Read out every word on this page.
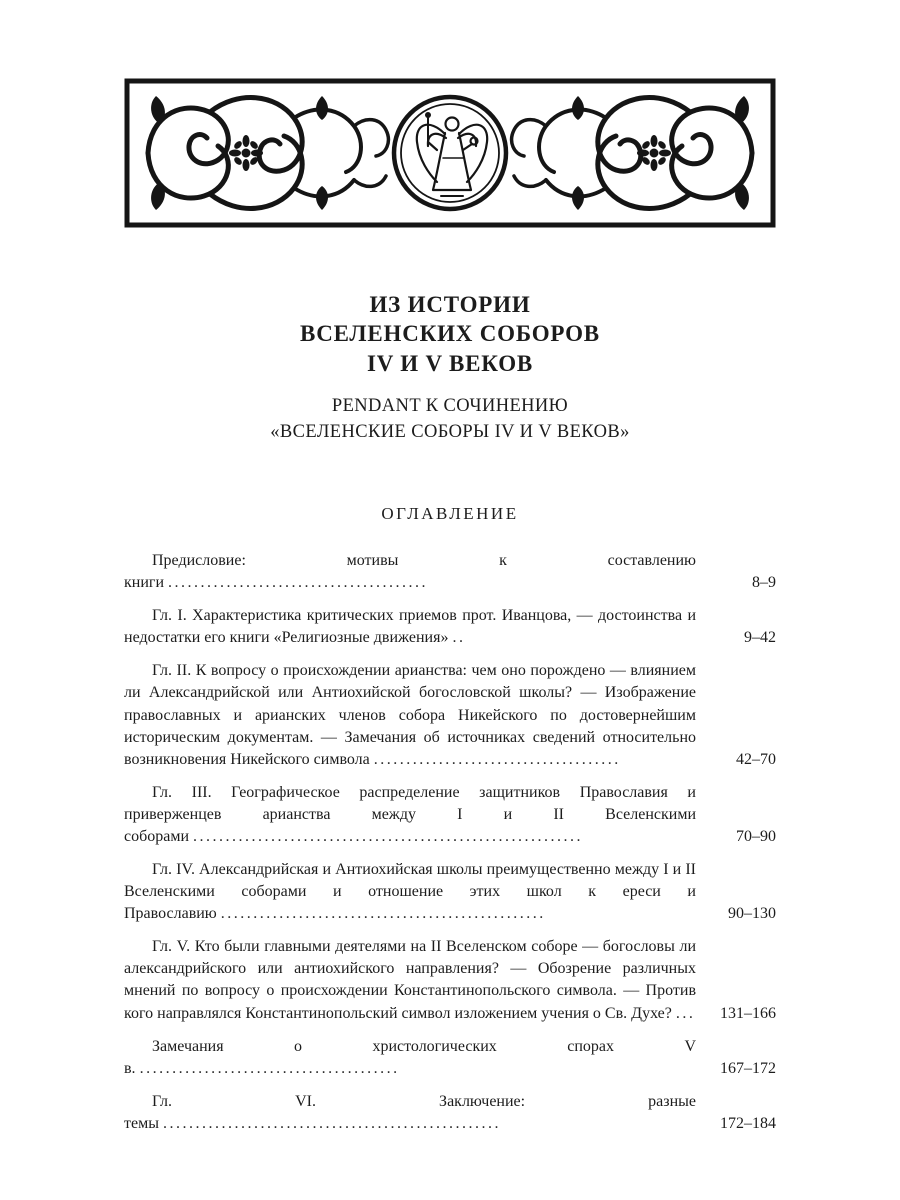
ИЗ ИСТОРИИ
ВСЕЛЕНСКИХ СОБОРОВ
IV И V ВЕКОВ
PENDANT К СОЧИНЕНИЮ
«ВСЕЛЕНСКИЕ СОБОРЫ IV И V ВЕКОВ»
ОГЛАВЛЕНИЕ
Предисловие: мотивы к составлению книги ........................................	8–9
Гл. I. Характеристика критических приемов прот. Иванцова, — достоинства и недостатки его книги «Религиозные движения» ..	9–42
Гл. II. К вопросу о происхождении арианства: чем оно порождено — влиянием ли Александрийской или Антиохийской богословской школы? — Изображение православных и арианских членов собора Никейского по достовернейшим историческим документам. — Замечания об источниках сведений относительно возникновения Никейского символа ......................................	42–70
Гл. III. Географическое распределение защитников Православия и приверженцев арианства между I и II Вселенскими соборами ............................................................	70–90
Гл. IV. Александрийская и Антиохийская школы преимущественно между I и II Вселенскими соборами и отношение этих школ к ереси и Православию ..................................................	90–130
Гл. V. Кто были главными деятелями на II Вселенском соборе — богословы ли александрийского или антиохийского направления? — Обозрение различных мнений по вопросу о происхождении Константинопольского символа. — Против кого направлялся Константинопольский символ изложением учения о Св. Духе? ...	131–166
Замечания о христологических спорах V в. ........................................	167–172
Гл. VI. Заключение: разные темы ....................................................	172–184
